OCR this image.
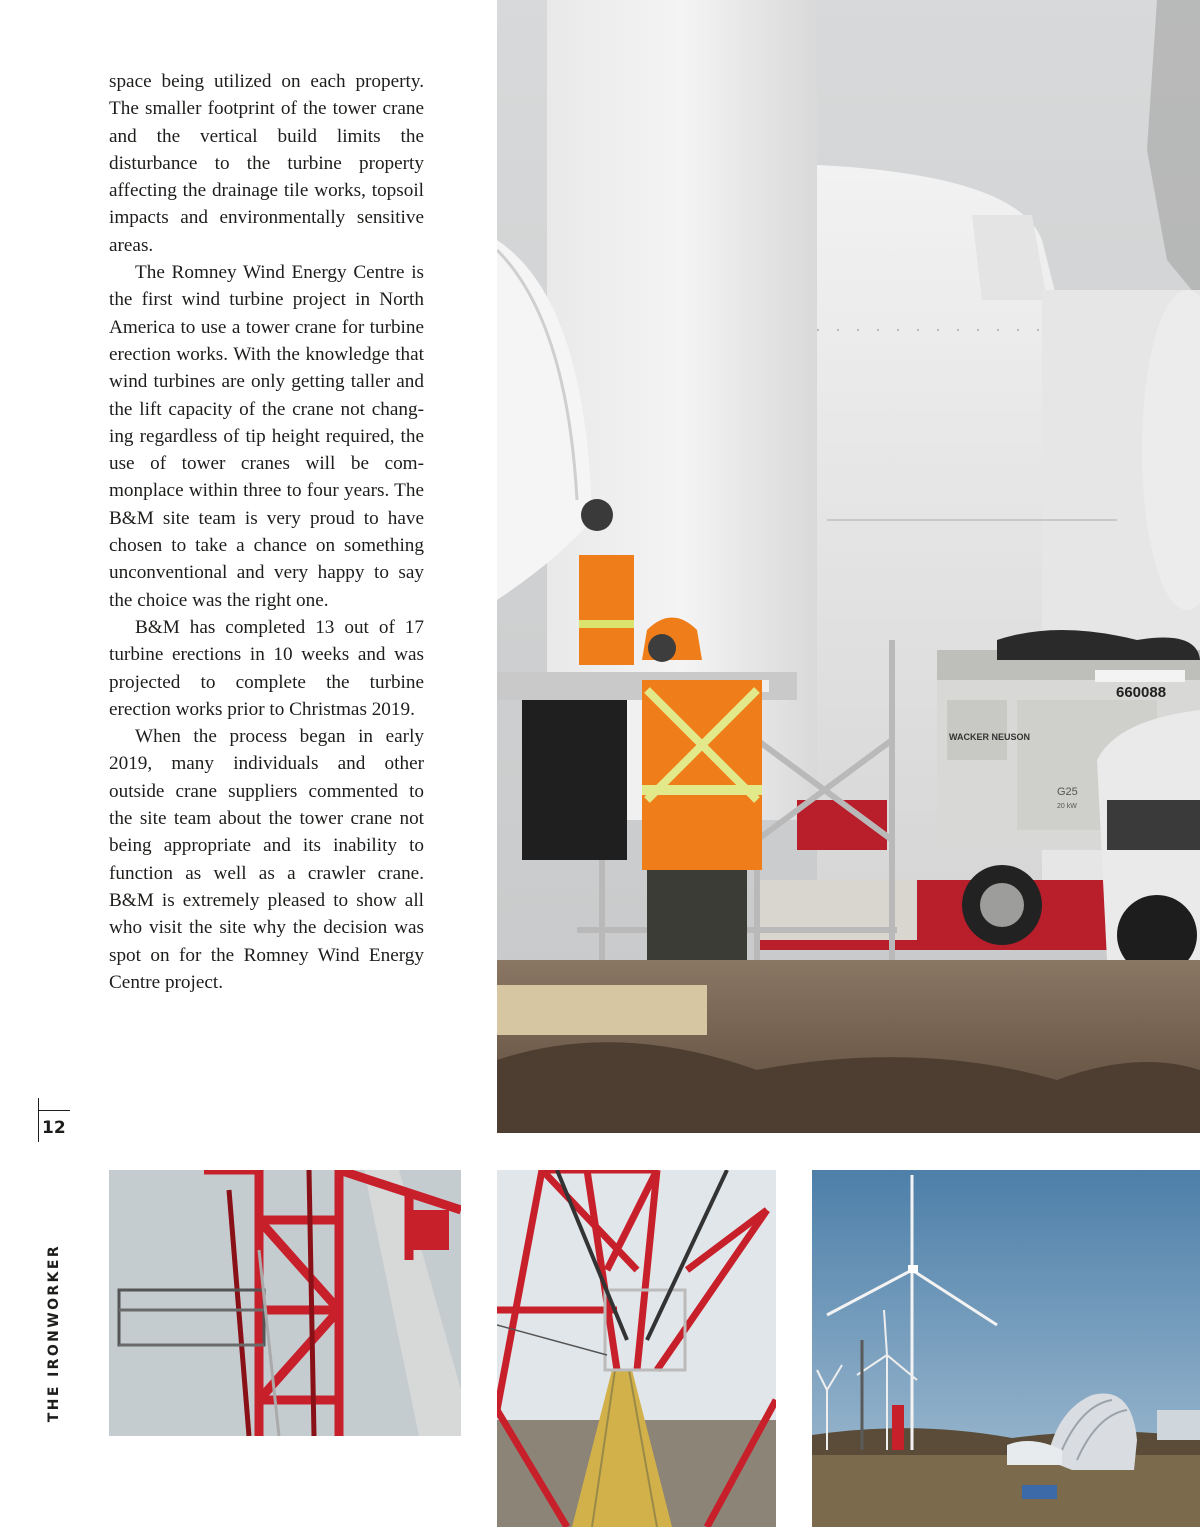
space being utilized on each property. The smaller footprint of the tower crane and the vertical build limits the disturbance to the turbine property affecting the drainage tile works, topsoil impacts and environmentally sensitive areas.

The Romney Wind Energy Centre is the first wind turbine project in North America to use a tower crane for turbine erection works. With the knowledge that wind turbines are only getting taller and the lift capacity of the crane not changing regardless of tip height required, the use of tower cranes will be commonplace within three to four years. The B&M site team is very proud to have chosen to take a chance on something unconventional and very happy to say the choice was the right one.

B&M has completed 13 out of 17 turbine erections in 10 weeks and was projected to complete the turbine erection works prior to Christmas 2019.

When the process began in early 2019, many individuals and other outside crane suppliers commented to the site team about the tower crane not being appropriate and its inability to function as well as a crawler crane. B&M is extremely pleased to show all who visit the site why the decision was spot on for the Romney Wind Energy Centre project.

660088
WACKER NEUSON
G25
20 kW
THE IRONWORKER
12
